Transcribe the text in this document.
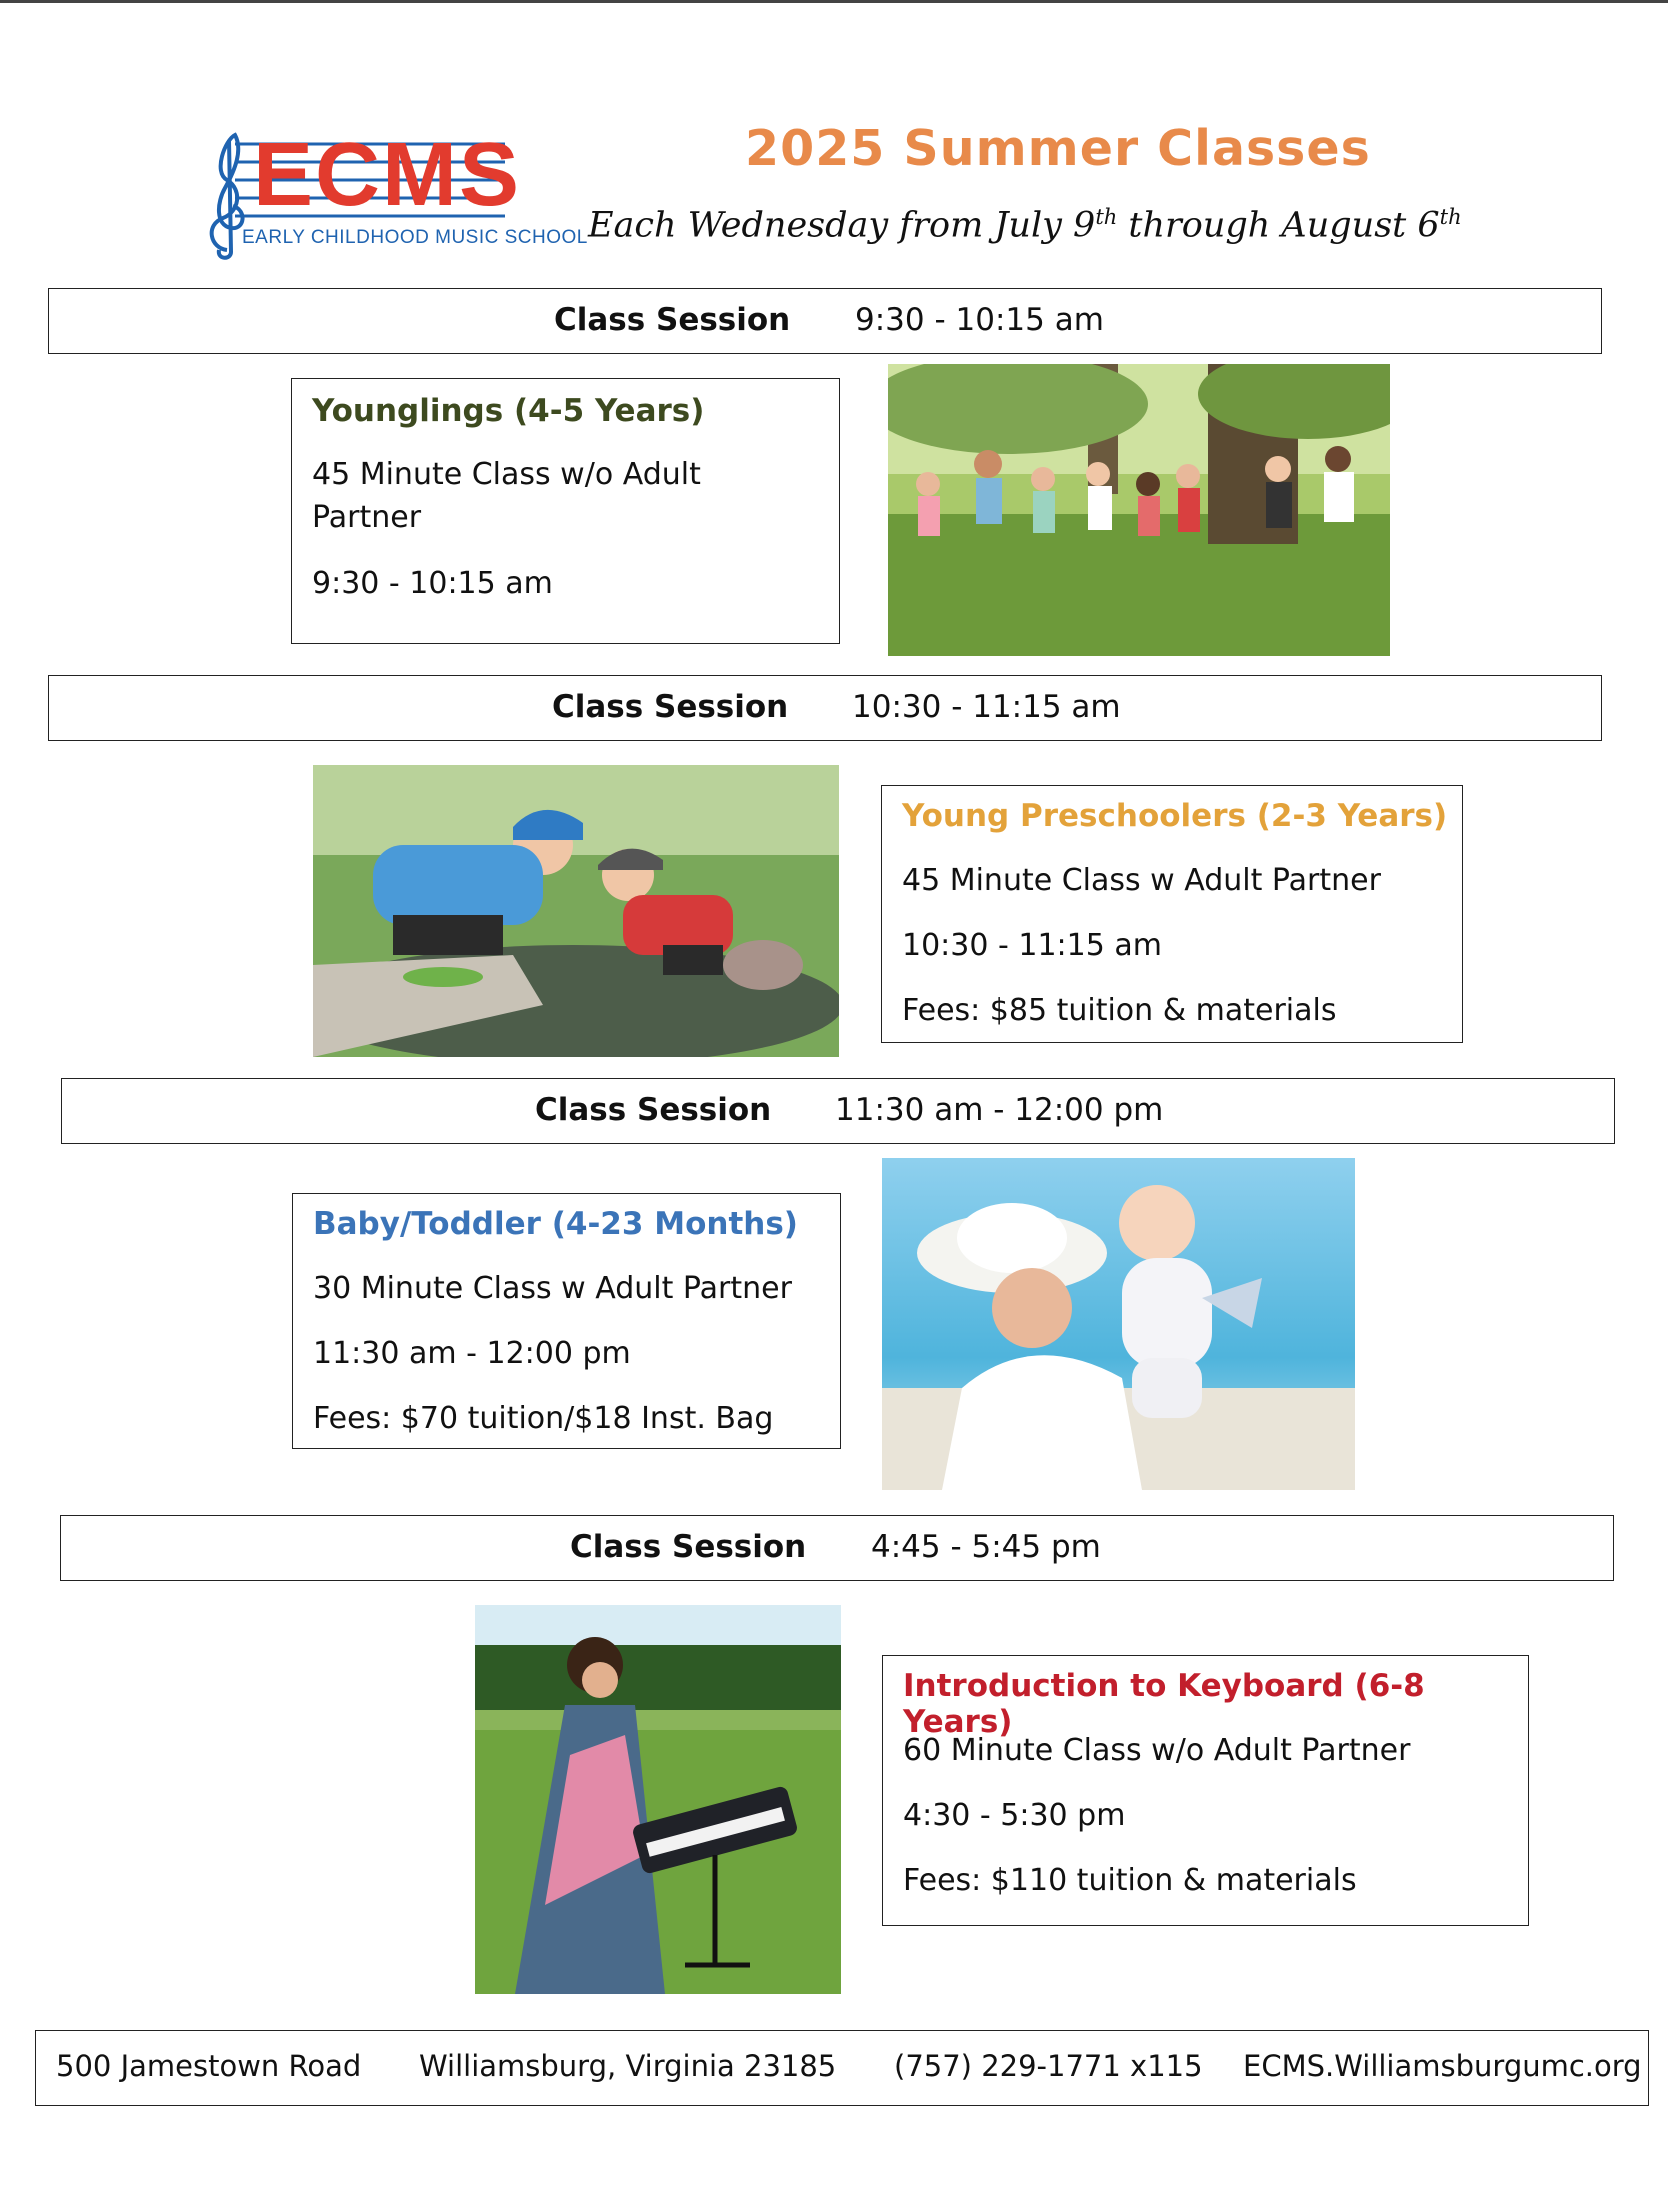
ECMS
EARLY CHILDHOOD MUSIC SCHOOL
2025 Summer Classes
Each Wednesday from July 9th through August 6th
Class Session 9:30 - 10:15 am
Younglings (4-5 Years)
45 Minute Class w/o Adult
Partner
9:30 - 10:15 am
Class Session 10:30 - 11:15 am
Young Preschoolers (2-3 Years)
45 Minute Class w Adult Partner
10:30 - 11:15 am
Fees: $85 tuition & materials
Class Session 11:30 am - 12:00 pm
Baby/Toddler (4-23 Months)
30 Minute Class w Adult Partner
11:30 am - 12:00 pm
Fees: $70 tuition/$18 Inst. Bag
Class Session 4:45 - 5:45 pm
Introduction to Keyboard (6-8 Years)
60 Minute Class w/o Adult Partner
4:30 - 5:30 pm
Fees: $110 tuition & materials
500 Jamestown Road Williamsburg, Virginia 23185 (757) 229-1771 x115 ECMS.Williamsburgumc.org
